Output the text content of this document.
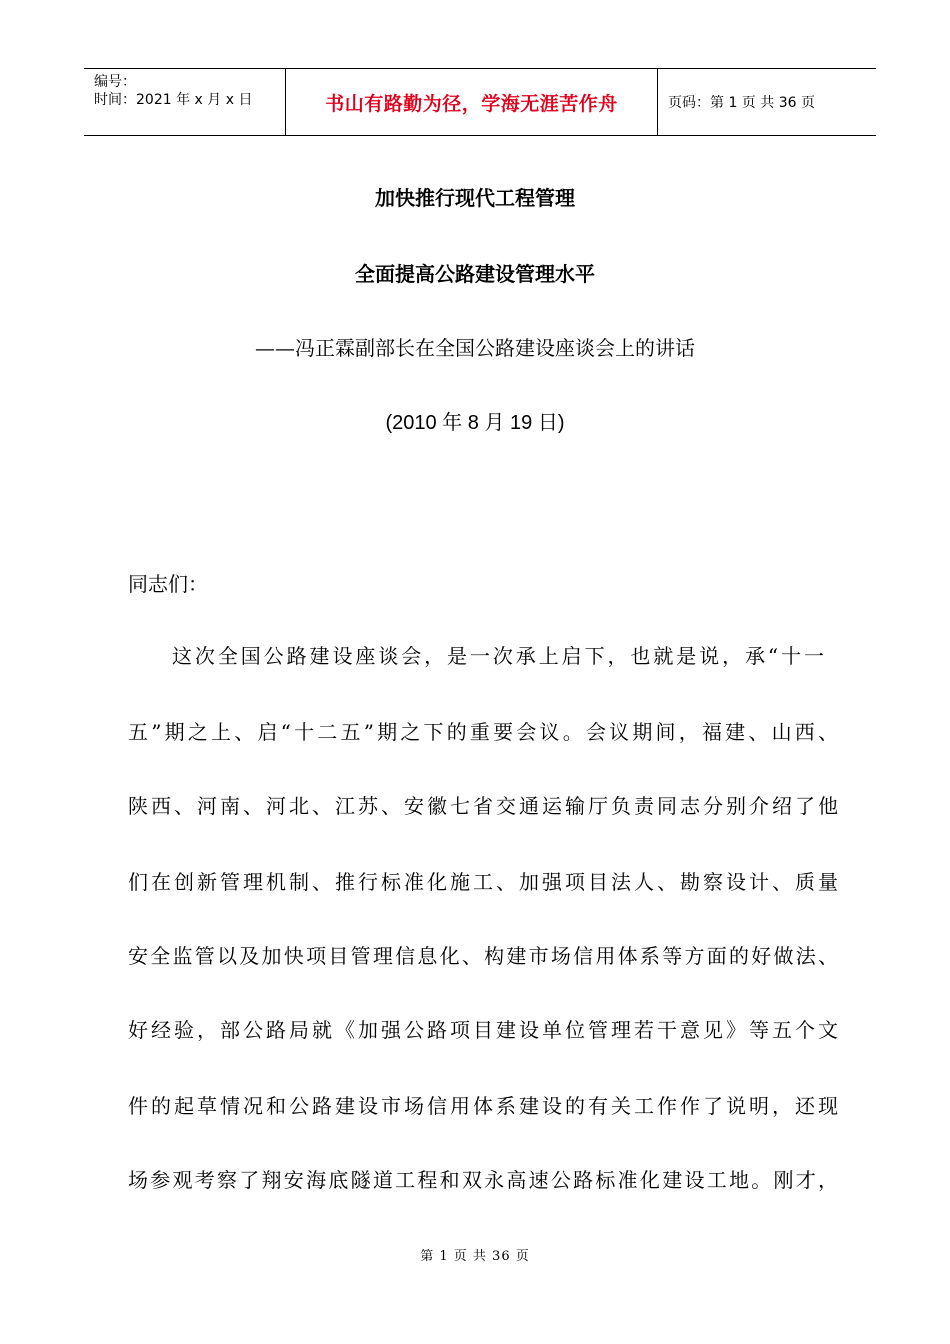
编号：
时间：2021 年 x 月 x 日	书山有路勤为径，学海无涯苦作舟	页码：第 1 页 共 36 页
加快推行现代工程管理
全面提高公路建设管理水平
——冯正霖副部长在全国公路建设座谈会上的讲话
(2010 年 8 月 19 日)
同志们：
这次全国公路建设座谈会，是一次承上启下，也就是说，承“十一
五”期之上、启“十二五”期之下的重要会议。会议期间，福建、山西、
陕西、河南、河北、江苏、安徽七省交通运输厅负责同志分别介绍了他
们在创新管理机制、推行标准化施工、加强项目法人、勘察设计、质量
安全监管以及加快项目管理信息化、构建市场信用体系等方面的好做法、
好经验，部公路局就《加强公路项目建设单位管理若干意见》等五个文
件的起草情况和公路建设市场信用体系建设的有关工作作了说明，还现
场参观考察了翔安海底隧道工程和双永高速公路标准化建设工地。刚才，
第 1 页 共 36 页
